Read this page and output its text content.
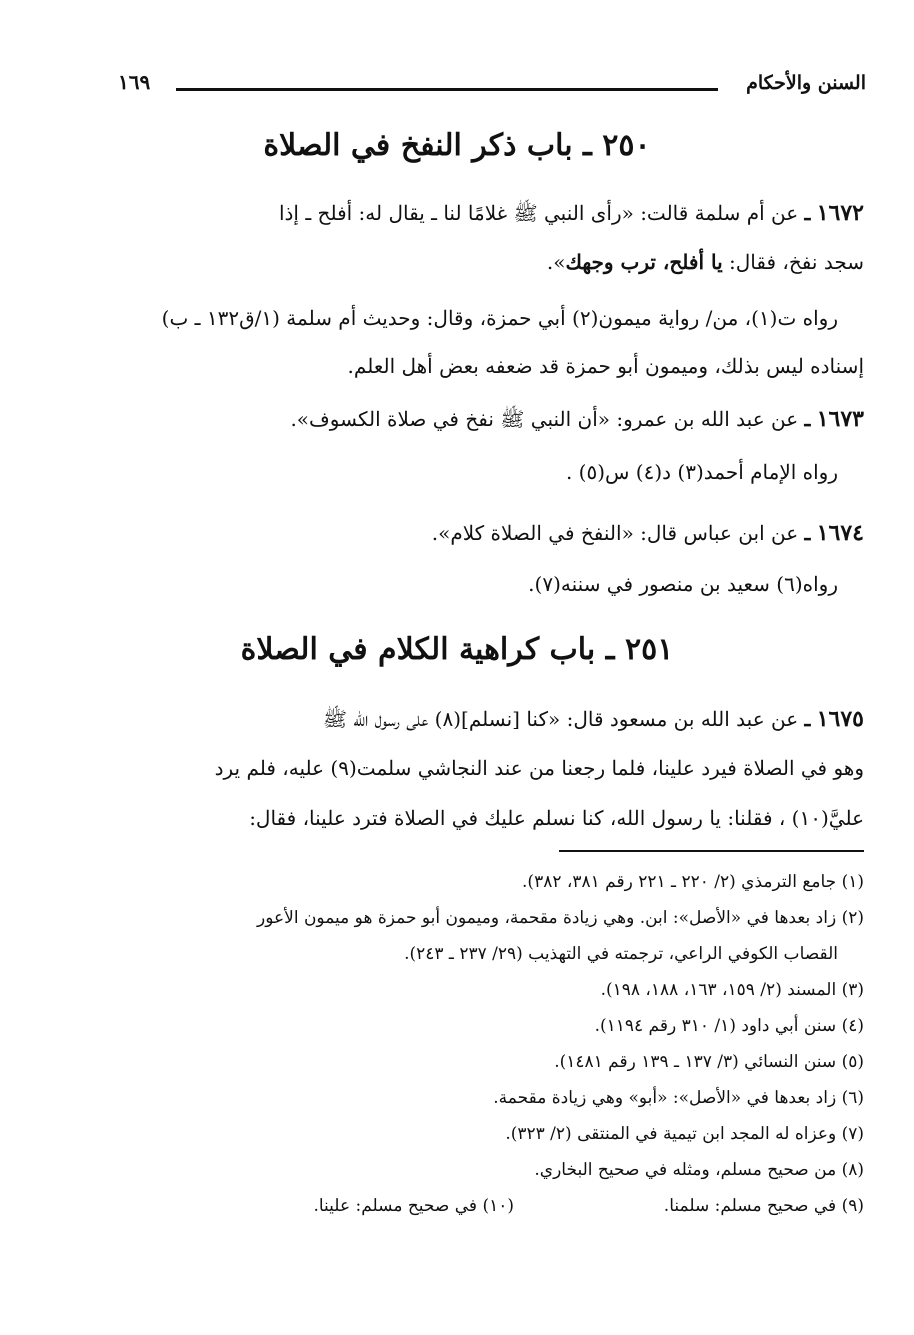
السنن والأحكام
١٦٩
٢٥٠ ـ باب ذكر النفخ في الصلاة
١٦٧٢ ـ عن أم سلمة قالت: «رأى النبي ﷺ غلامًا لنا ـ يقال له: أفلح ـ إذا
سجد نفخ، فقال: يا أفلح، ترب وجهك».
رواه ت(١)، من/ رواية ميمون(٢) أبي حمزة، وقال: وحديث أم سلمة (١/ق١٣٢ ـ ب)
إسناده ليس بذلك، وميمون أبو حمزة قد ضعفه بعض أهل العلم.
١٦٧٣ ـ عن عبد الله بن عمرو: «أن النبي ﷺ نفخ في صلاة الكسوف».
رواه الإمام أحمد(٣) د(٤) س(٥) .
١٦٧٤ ـ عن ابن عباس قال: «النفخ في الصلاة كلام».
رواه(٦) سعيد بن منصور في سننه(٧).
٢٥١ ـ باب كراهية الكلام في الصلاة
١٦٧٥ ـ عن عبد الله بن مسعود قال: «كنا [نسلم](٨) على رسول الله ﷺ
وهو في الصلاة فيرد علينا، فلما رجعنا من عند النجاشي سلمت(٩) عليه، فلم يرد
عليَّ(١٠) ، فقلنا: يا رسول الله، كنا نسلم عليك في الصلاة فترد علينا، فقال:
(١) جامع الترمذي (٢/ ٢٢٠ ـ ٢٢١ رقم ٣٨١، ٣٨٢).
(٢) زاد بعدها في «الأصل»: ابن. وهي زيادة مقحمة، وميمون أبو حمزة هو ميمون الأعور
القصاب الكوفي الراعي، ترجمته في التهذيب (٢٩/ ٢٣٧ ـ ٢٤٣).
(٣) المسند (٢/ ١٥٩، ١٦٣، ١٨٨، ١٩٨).
(٤) سنن أبي داود (١/ ٣١٠ رقم ١١٩٤).
(٥) سنن النسائي (٣/ ١٣٧ ـ ١٣٩ رقم ١٤٨١).
(٦) زاد بعدها في «الأصل»: «أبو» وهي زيادة مقحمة.
(٧) وعزاه له المجد ابن تيمية في المنتقى (٢/ ٣٢٣).
(٨) من صحيح مسلم، ومثله في صحيح البخاري.
(٩) في صحيح مسلم: سلمنا.
(١٠) في صحيح مسلم: علينا.
